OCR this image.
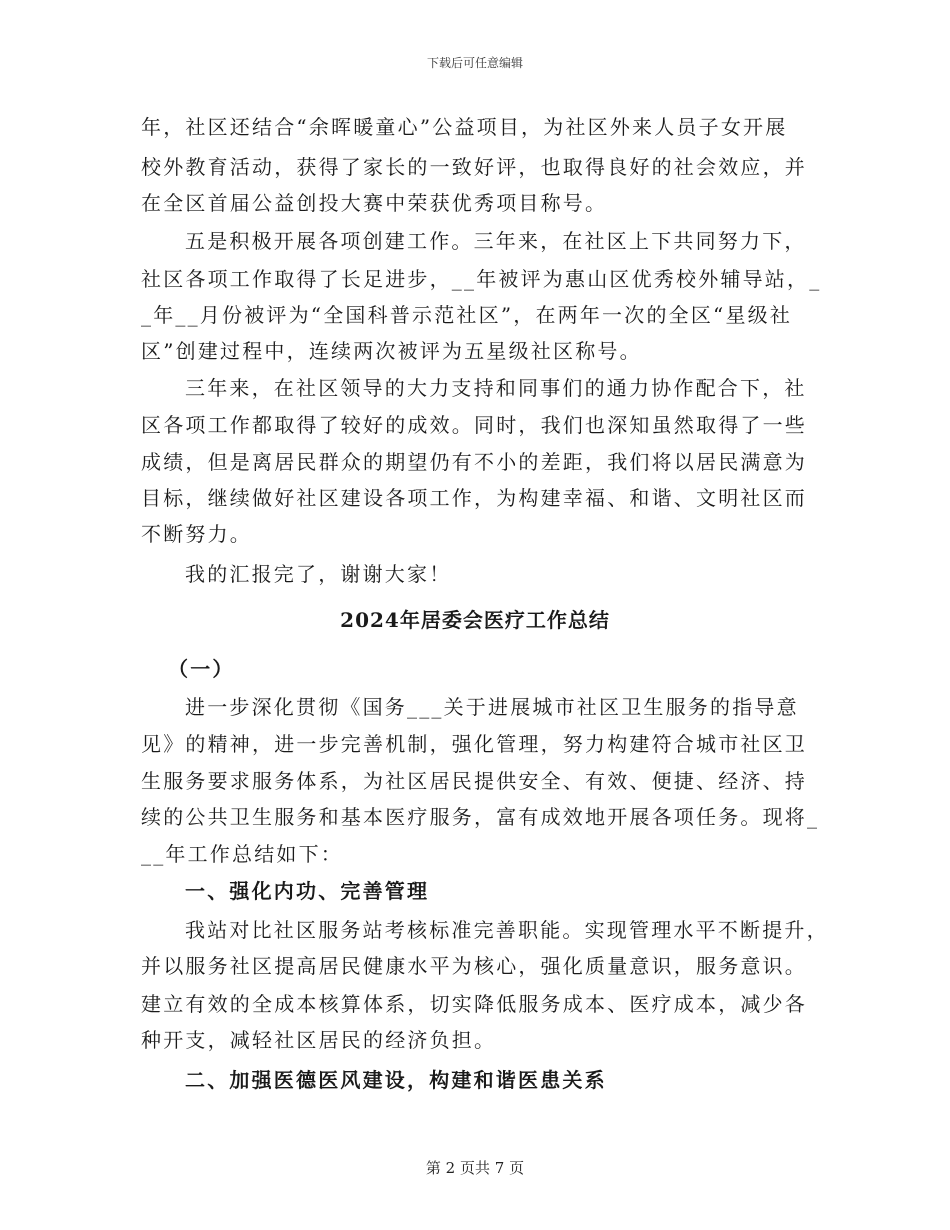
下载后可任意编辑
年，社区还结合“余晖暖童心”公益项目，为社区外来人员子女开展
校外教育活动，获得了家长的一致好评，也取得良好的社会效应，并
在全区首届公益创投大赛中荣获优秀项目称号。
五是积极开展各项创建工作。三年来，在社区上下共同努力下，
社区各项工作取得了长足进步，__年被评为惠山区优秀校外辅导站，_
_年__月份被评为“全国科普示范社区”，在两年一次的全区“星级社
区”创建过程中，连续两次被评为五星级社区称号。
三年来，在社区领导的大力支持和同事们的通力协作配合下，社
区各项工作都取得了较好的成效。同时，我们也深知虽然取得了一些
成绩，但是离居民群众的期望仍有不小的差距，我们将以居民满意为
目标，继续做好社区建设各项工作，为构建幸福、和谐、文明社区而
不断努力。
我的汇报完了，谢谢大家！
2024年居委会医疗工作总结
（一）
进一步深化贯彻《国务___关于进展城市社区卫生服务的指导意
见》的精神，进一步完善机制，强化管理，努力构建符合城市社区卫
生服务要求服务体系，为社区居民提供安全、有效、便捷、经济、持
续的公共卫生服务和基本医疗服务，富有成效地开展各项任务。现将_
__年工作总结如下：
一、强化内功、完善管理
我站对比社区服务站考核标准完善职能。实现管理水平不断提升，
并以服务社区提高居民健康水平为核心，强化质量意识，服务意识。
建立有效的全成本核算体系，切实降低服务成本、医疗成本，减少各
种开支，减轻社区居民的经济负担。
二、加强医德医风建设，构建和谐医患关系
第 2 页共 7 页
